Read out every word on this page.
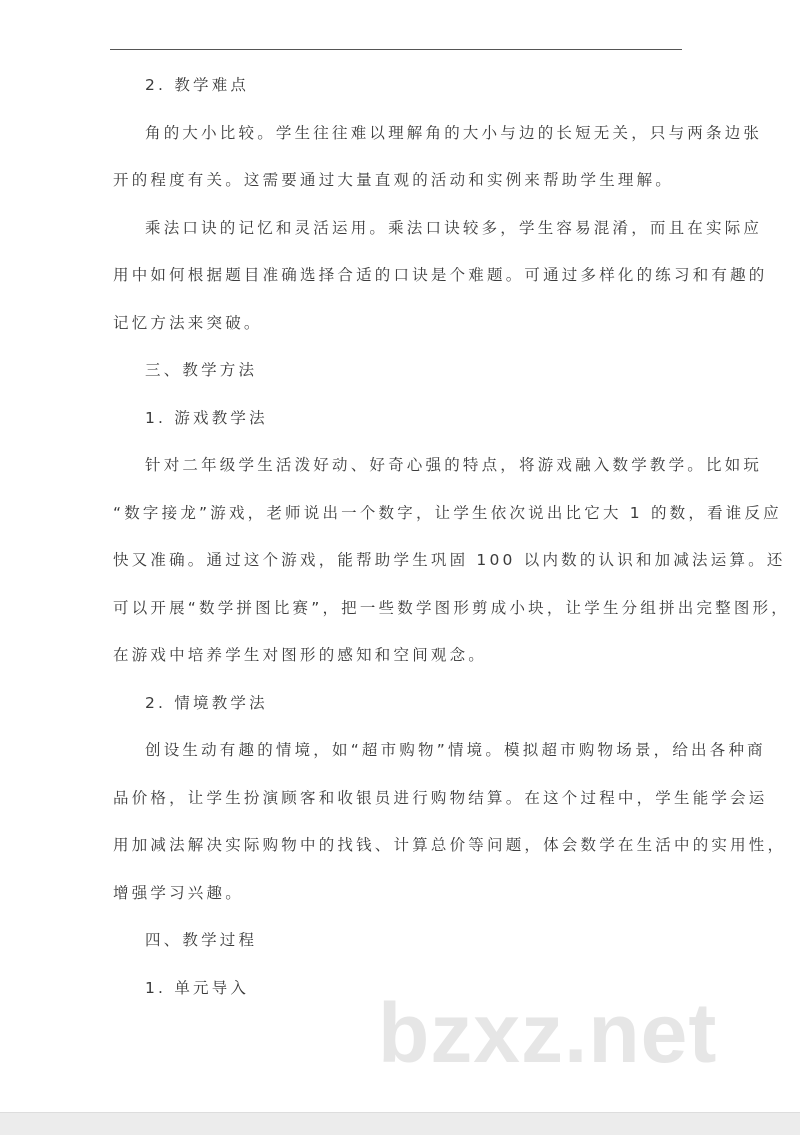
2. 教学难点
角的大小比较。学生往往难以理解角的大小与边的长短无关，只与两条边张
开的程度有关。这需要通过大量直观的活动和实例来帮助学生理解。
乘法口诀的记忆和灵活运用。乘法口诀较多，学生容易混淆，而且在实际应
用中如何根据题目准确选择合适的口诀是个难题。可通过多样化的练习和有趣的
记忆方法来突破。
三、教学方法
1. 游戏教学法
针对二年级学生活泼好动、好奇心强的特点，将游戏融入数学教学。比如玩
“数字接龙”游戏，老师说出一个数字，让学生依次说出比它大 1 的数，看谁反应
快又准确。通过这个游戏，能帮助学生巩固 100 以内数的认识和加减法运算。还
可以开展“数学拼图比赛”，把一些数学图形剪成小块，让学生分组拼出完整图形，
在游戏中培养学生对图形的感知和空间观念。
2. 情境教学法
创设生动有趣的情境，如“超市购物”情境。模拟超市购物场景，给出各种商
品价格，让学生扮演顾客和收银员进行购物结算。在这个过程中，学生能学会运
用加减法解决实际购物中的找钱、计算总价等问题，体会数学在生活中的实用性，
增强学习兴趣。
四、教学过程
1. 单元导入	bzxz.net
